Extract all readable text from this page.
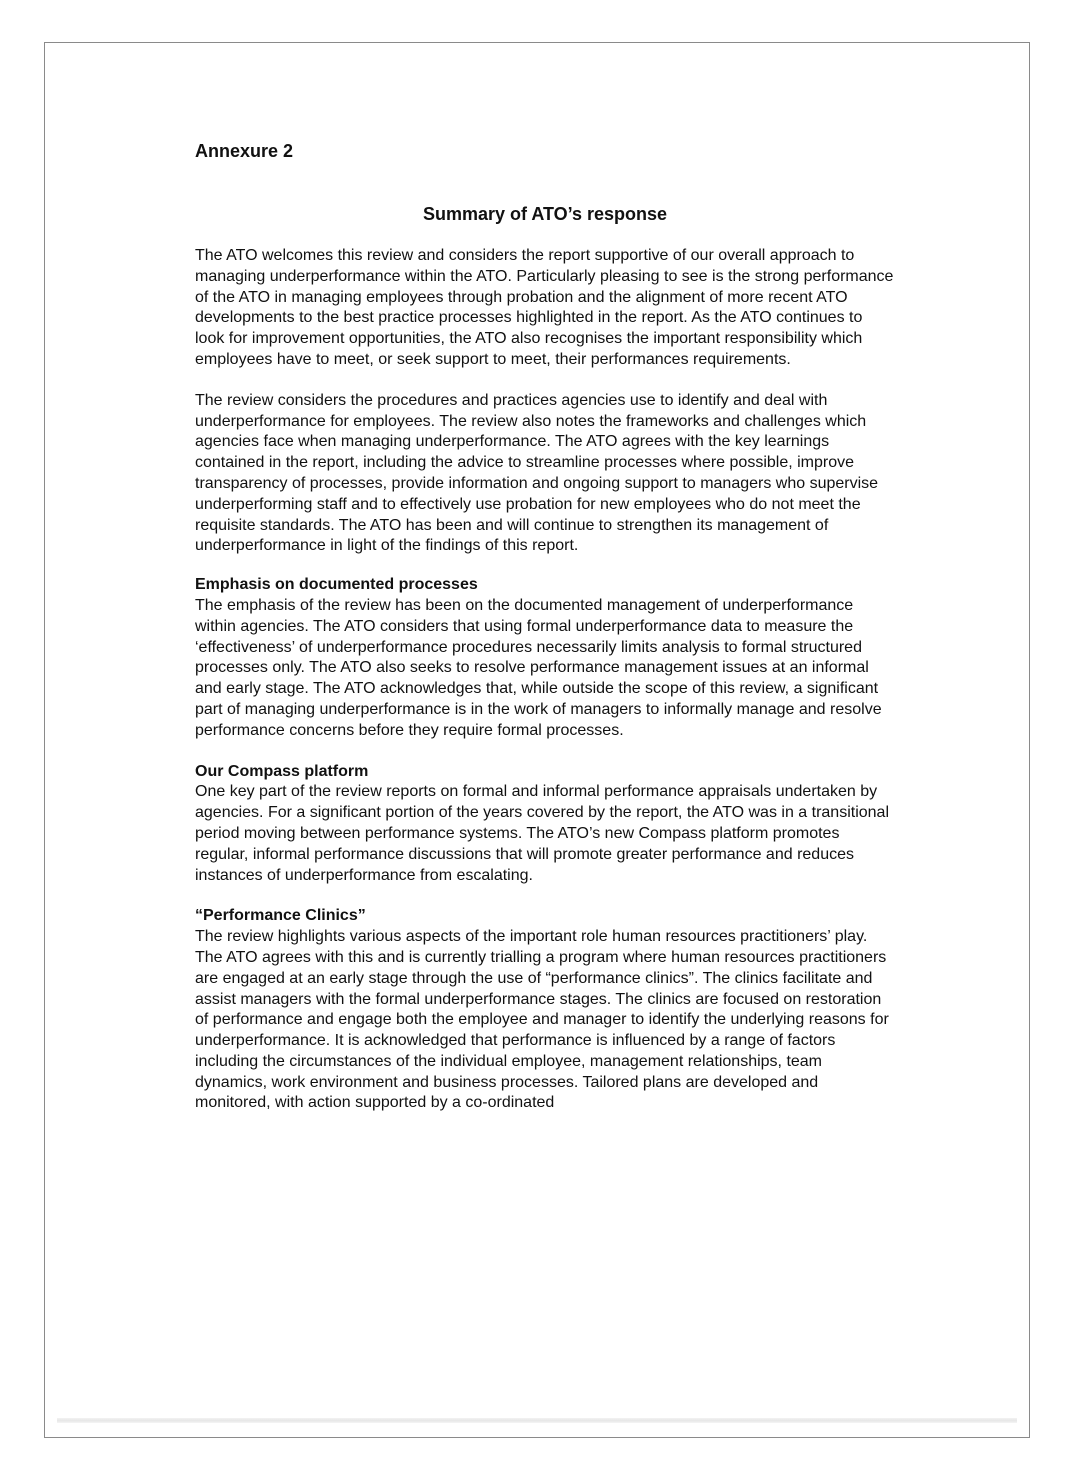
Annexure 2
Summary of ATO’s response

The ATO welcomes this review and considers the report supportive of our overall approach to managing underperformance within the ATO. Particularly pleasing to see is the strong performance of the ATO in managing employees through probation and the alignment of more recent ATO developments to the best practice processes highlighted in the report. As the ATO continues to look for improvement opportunities, the ATO also recognises the important responsibility which employees have to meet, or seek support to meet, their performances requirements.

The review considers the procedures and practices agencies use to identify and deal with underperformance for employees. The review also notes the frameworks and challenges which agencies face when managing underperformance. The ATO agrees with the key learnings contained in the report, including the advice to streamline processes where possible, improve transparency of processes, provide information and ongoing support to managers who supervise underperforming staff and to effectively use probation for new employees who do not meet the requisite standards. The ATO has been and will continue to strengthen its management of underperformance in light of the findings of this report.

Emphasis on documented processes

The emphasis of the review has been on the documented management of underperformance within agencies. The ATO considers that using formal underperformance data to measure the ‘effectiveness’ of underperformance procedures necessarily limits analysis to formal structured processes only. The ATO also seeks to resolve performance management issues at an informal and early stage. The ATO acknowledges that, while outside the scope of this review, a significant part of managing underperformance is in the work of managers to informally manage and resolve performance concerns before they require formal processes.

Our Compass platform

One key part of the review reports on formal and informal performance appraisals undertaken by agencies. For a significant portion of the years covered by the report, the ATO was in a transitional period moving between performance systems. The ATO’s new Compass platform promotes regular, informal performance discussions that will promote greater performance and reduces instances of underperformance from escalating.

“Performance Clinics”

The review highlights various aspects of the important role human resources practitioners’ play. The ATO agrees with this and is currently trialling a program where human resources practitioners are engaged at an early stage through the use of “performance clinics”. The clinics facilitate and assist managers with the formal underperformance stages. The clinics are focused on restoration of performance and engage both the employee and manager to identify the underlying reasons for underperformance. It is acknowledged that performance is influenced by a range of factors including the circumstances of the individual employee, management relationships, team dynamics, work environment and business processes. Tailored plans are developed and monitored, with action supported by a co-ordinated
